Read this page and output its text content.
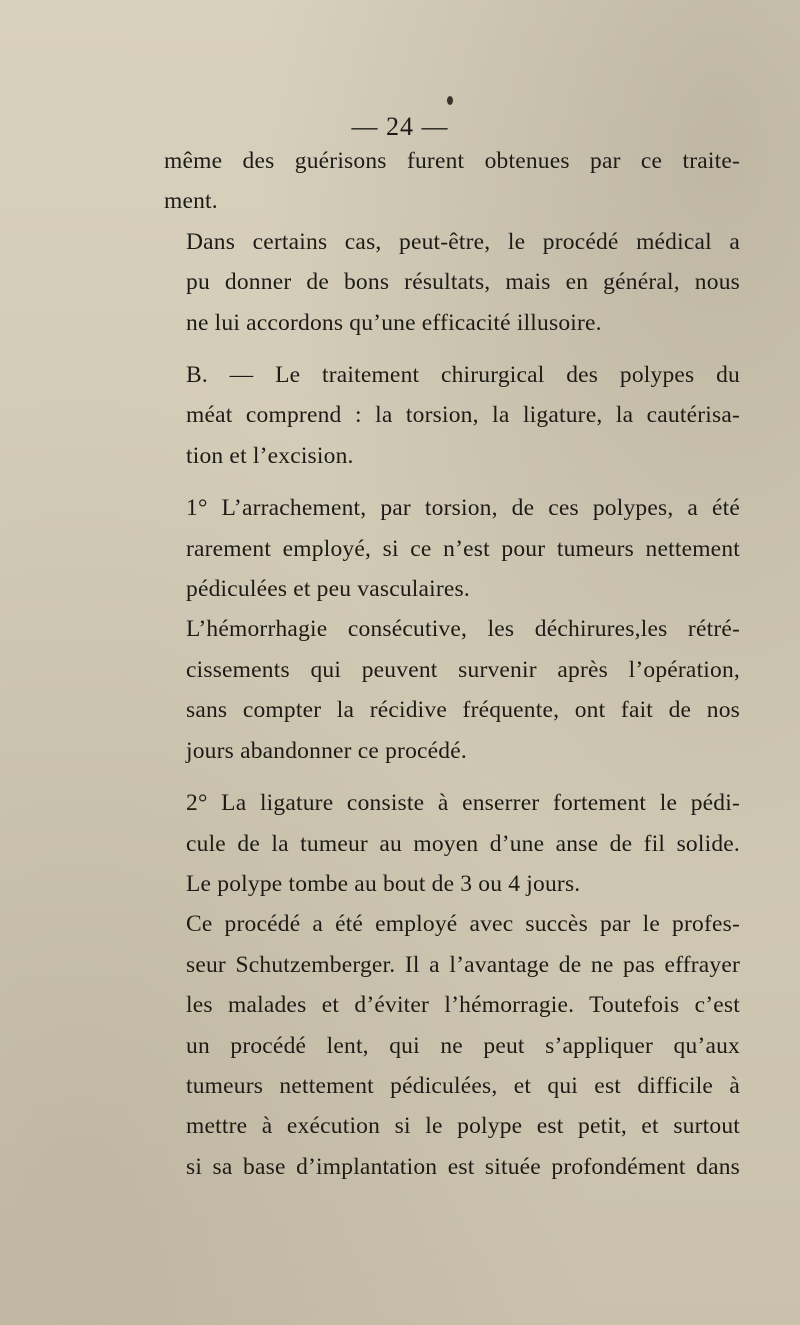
— 24 —

même des guérisons furent obtenues par ce traite-
ment.

Dans certains cas, peut-être, le procédé médical a
pu donner de bons résultats, mais en général, nous
ne lui accordons qu’une efficacité illusoire.

B. — Le traitement chirurgical des polypes du
méat comprend : la torsion, la ligature, la cautérisa-
tion et l’excision.

1° L’arrachement, par torsion, de ces polypes, a été
rarement employé, si ce n’est pour tumeurs nettement
pédiculées et peu vasculaires.

L’hémorrhagie consécutive, les déchirures,les rétré-
cissements qui peuvent survenir après l’opération,
sans compter la récidive fréquente, ont fait de nos
jours abandonner ce procédé.

2° La ligature consiste à enserrer fortement le pédi-
cule de la tumeur au moyen d’une anse de fil solide.
Le polype tombe au bout de 3 ou 4 jours.

Ce procédé a été employé avec succès par le profes-
seur Schutzemberger. Il a l’avantage de ne pas effrayer
les malades et d’éviter l’hémorragie. Toutefois c’est
un procédé lent, qui ne peut s’appliquer qu’aux
tumeurs nettement pédiculées, et qui est difficile à
mettre à exécution si le polype est petit, et surtout
si sa base d’implantation est située profondément dans
